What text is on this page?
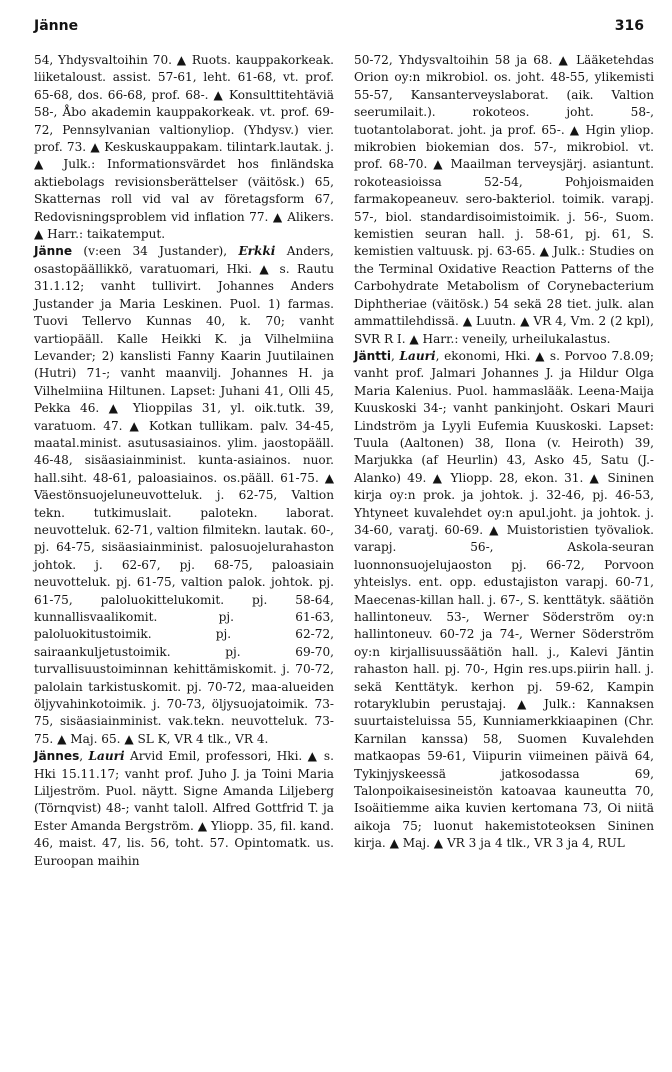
Jänne	316

54, Yhdysvaltoihin 70. ▲ Ruots. kauppakorkeak. liiketaloust. assist. 57-61, leht. 61-68, vt. prof. 65-68, dos. 66-68, prof. 68-. ▲ Konsulttitehtäviä 58-, Åbo akademin kauppakorkeak. vt. prof. 69-72, Pennsylvanian valtionyliop. (Yhdysv.) vier. prof. 73. ▲ Keskuskauppakam. tilintark.lautak. j. ▲ Julk.: Informationsvärdet hos finländska aktiebolags revisionsberättelser (väitösk.) 65, Skatternas roll vid val av företagsform 67, Redovisningsproblem vid inflation 77. ▲ Alikers. ▲ Harr.: taikatemput.

Jänne (v:een 34 Justander), Erkki Anders, osastopäällikkö, varatuomari, Hki. ▲ s. Rautu 31.1.12; vanht tullivirt. Johannes Anders Justander ja Maria Leskinen. Puol. 1) farmas. Tuovi Tellervo Kunnas 40, k. 70; vanht vartiopääll. Kalle Heikki K. ja Vilhelmiina Levander; 2) kanslisti Fanny Kaarin Juutilainen (Hutri) 71-; vanht maanvilj. Johannes H. ja Vilhelmiina Hiltunen. Lapset: Juhani 41, Olli 45, Pekka 46. ▲ Ylioppilas 31, yl. oik.tutk. 39, varatuom. 47. ▲ Kotkan tullikam. palv. 34-45, maatal.minist. asutusasiainos. ylim. jaostopääll. 46-48, sisäasiainminist. kunta-asiainos. nuor. hall.siht. 48-61, paloasiainos. os.pääll. 61-75. ▲ Väestönsuojeluneuvotteluk. j. 62-75, Valtion tekn. tutkimuslait. palotekn. laborat. neuvotteluk. 62-71, valtion filmitekn. lautak. 60-, pj. 64-75, sisäasiainminist. palosuojelurahaston johtok. j. 62-67, pj. 68-75, paloasiain neuvotteluk. pj. 61-75, valtion palok. johtok. pj. 61-75, paloluokittelukomit. pj. 58-64, kunnallisvaalikomit. pj. 61-63, paloluokitustoimik. pj. 62-72, sairaankuljetustoimik. pj. 69-70, turvallisuustoiminnan kehittämiskomit. j. 70-72, palolain tarkistuskomit. pj. 70-72, maa-alueiden öljyvahinkotoimik. j. 70-73, öljysuojatoimik. 73-75, sisäasiainminist. vak.tekn. neuvotteluk. 73-75. ▲ Maj. 65. ▲ SL K, VR 4 tlk., VR 4.

Jännes, Lauri Arvid Emil, professori, Hki. ▲ s. Hki 15.11.17; vanht prof. Juho J. ja Toini Maria Liljeström. Puol. näytt. Signe Amanda Liljeberg (Törnqvist) 48-; vanht taloll. Alfred Gottfrid T. ja Ester Amanda Bergström. ▲ Yliopp. 35, fil. kand. 46, maist. 47, lis. 56, toht. 57. Opintomatk. us. Euroopan maihin

50-72, Yhdysvaltoihin 58 ja 68. ▲ Lääketehdas Orion oy:n mikrobiol. os. joht. 48-55, ylikemisti 55-57, Kansanterveyslaborat. (aik. Valtion seerumilait.). rokoteos. joht. 58-, tuotantolaborat. joht. ja prof. 65-. ▲ Hgin yliop. mikrobien biokemian dos. 57-, mikrobiol. vt. prof. 68-70. ▲ Maailman terveysjärj. asiantunt. rokoteasioissa 52-54, Pohjoismaiden farmakopeaneuv. sero-bakteriol. toimik. varapj. 57-, biol. standardisoimistoimik. j. 56-, Suom. kemistien seuran hall. j. 58-61, pj. 61, S. kemistien valtuusk. pj. 63-65. ▲ Julk.: Studies on the Terminal Oxidative Reaction Patterns of the Carbohydrate Metabolism of Corynebacterium Diphtheriae (väitösk.) 54 sekä 28 tiet. julk. alan ammattilehdissä. ▲ Luutn. ▲ VR 4, Vm. 2 (2 kpl), SVR R I. ▲ Harr.: veneily, urheilukalastus.

Jäntti, Lauri, ekonomi, Hki. ▲ s. Porvoo 7.8.09; vanht prof. Jalmari Johannes J. ja Hildur Olga Maria Kalenius. Puol. hammaslääk. Leena-Maija Kuuskoski 34-; vanht pankinjoht. Oskari Mauri Lindström ja Lyyli Eufemia Kuuskoski. Lapset: Tuula (Aaltonen) 38, Ilona (v. Heiroth) 39, Marjukka (af Heurlin) 43, Asko 45, Satu (J.-Alanko) 49. ▲ Yliopp. 28, ekon. 31. ▲ Sininen kirja oy:n prok. ja johtok. j. 32-46, pj. 46-53, Yhtyneet kuvalehdet oy:n apul.joht. ja johtok. j. 34-60, varatj. 60-69. ▲ Muistoristien työvaliok. varapj. 56-, Askola-seuran luonnonsuojelujaoston pj. 66-72, Porvoon yhteislys. ent. opp. edustajiston varapj. 60-71, Maecenas-killan hall. j. 67-, S. kenttätyk. säätiön hallintoneuv. 53-, Werner Söderström oy:n hallintoneuv. 60-72 ja 74-, Werner Söderström oy:n kirjallisuussäätiön hall. j., Kalevi Jäntin rahaston hall. pj. 70-, Hgin res.ups.piirin hall. j. sekä Kenttätyk. kerhon pj. 59-62, Kampin rotaryklubin perustajaj. ▲ Julk.: Kannaksen suurtaisteluissa 55, Kunniamerkkiaapinen (Chr. Karnilan kanssa) 58, Suomen Kuvalehden matkaopas 59-61, Viipurin viimeinen päivä 64, Tykinjyskeessä jatkosodassa 69, Talonpoikaisesineistön katoavaa kauneutta 70, Isoäitiemme aika kuvien kertomana 73, Oi niitä aikoja 75; luonut hakemistoteoksen Sininen kirja. ▲ Maj. ▲ VR 3 ja 4 tlk., VR 3 ja 4, RUL
